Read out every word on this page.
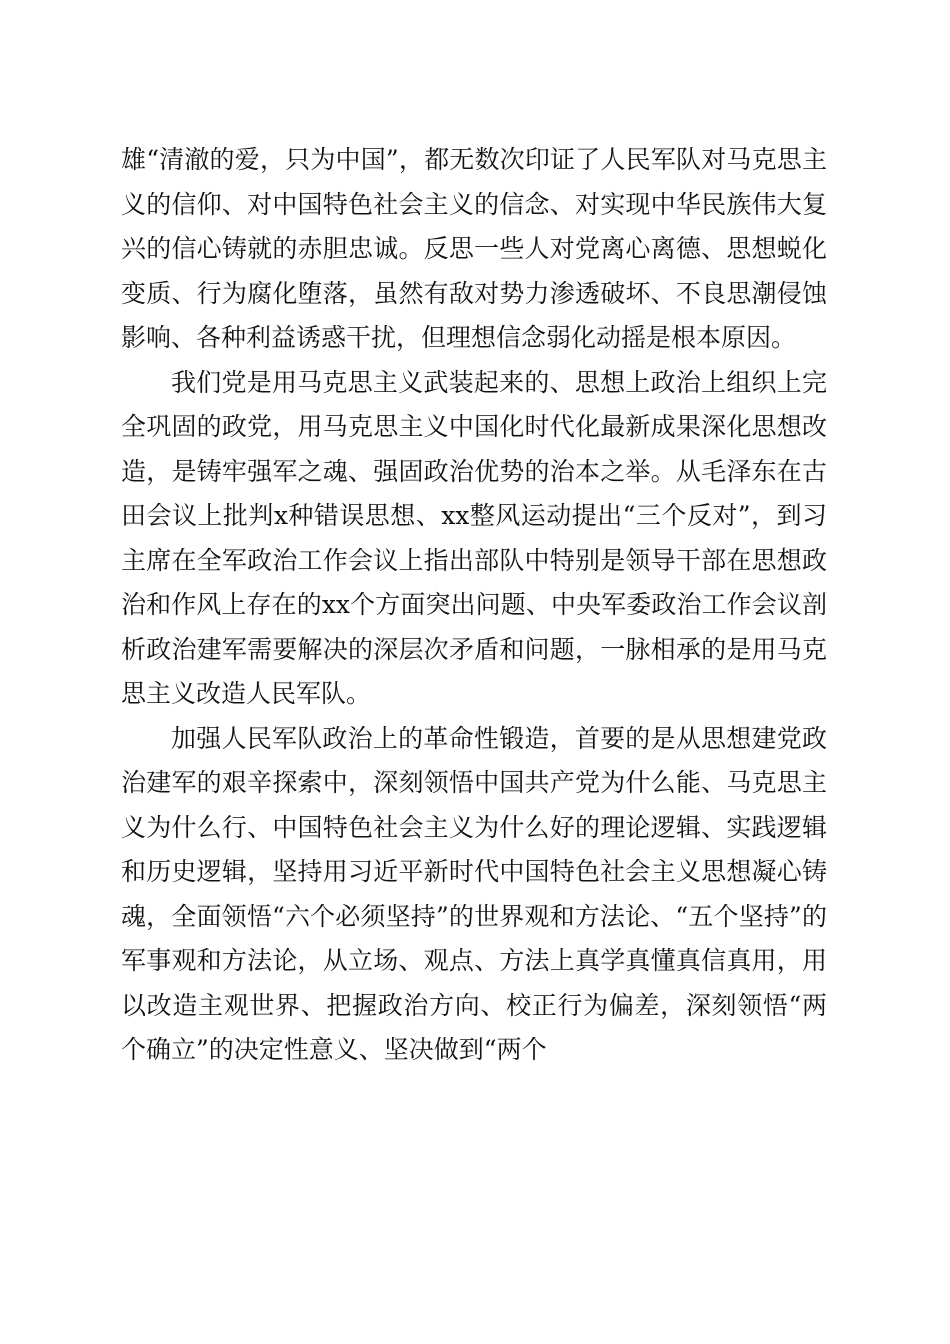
雄“清澈的爱，只为中国”，都无数次印证了人民军队对马克思主义的信仰、对中国特色社会主义的信念、对实现中华民族伟大复兴的信心铸就的赤胆忠诚。反思一些人对党离心离德、思想蜕化变质、行为腐化堕落，虽然有敌对势力渗透破坏、不良思潮侵蚀影响、各种利益诱惑干扰，但理想信念弱化动摇是根本原因。

我们党是用马克思主义武装起来的、思想上政治上组织上完全巩固的政党，用马克思主义中国化时代化最新成果深化思想改造，是铸牢强军之魂、强固政治优势的治本之举。从毛泽东在古田会议上批判x种错误思想、xx整风运动提出“三个反对”，到习主席在全军政治工作会议上指出部队中特别是领导干部在思想政治和作风上存在的xx个方面突出问题、中央军委政治工作会议剖析政治建军需要解决的深层次矛盾和问题，一脉相承的是用马克思主义改造人民军队。

加强人民军队政治上的革命性锻造，首要的是从思想建党政治建军的艰辛探索中，深刻领悟中国共产党为什么能、马克思主义为什么行、中国特色社会主义为什么好的理论逻辑、实践逻辑和历史逻辑，坚持用习近平新时代中国特色社会主义思想凝心铸魂，全面领悟“六个必须坚持”的世界观和方法论、“五个坚持”的军事观和方法论，从立场、观点、方法上真学真懂真信真用，用以改造主观世界、把握政治方向、校正行为偏差，深刻领悟“两个确立”的决定性意义、坚决做到“两个
